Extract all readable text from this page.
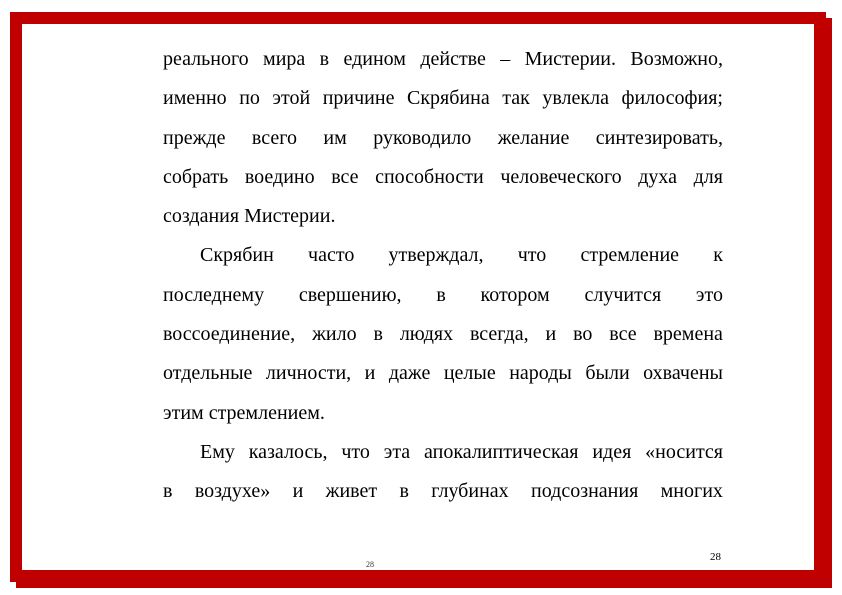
реального мира в едином действе – Мистерии. Возможно,
именно по этой причине Скрябина так увлекла философия;
прежде всего им руководило желание синтезировать,
собрать воедино все способности человеческого духа для
создания Мистерии.
Скрябин часто утверждал, что стремление к
последнему свершению, в котором случится это
воссоединение, жило в людях всегда, и во все времена
отдельные личности, и даже целые народы были охвачены
этим стремлением.
Ему казалось, что эта апокалиптическая идея «носится
в воздухе» и живет в глубинах подсознания многих
28
28
